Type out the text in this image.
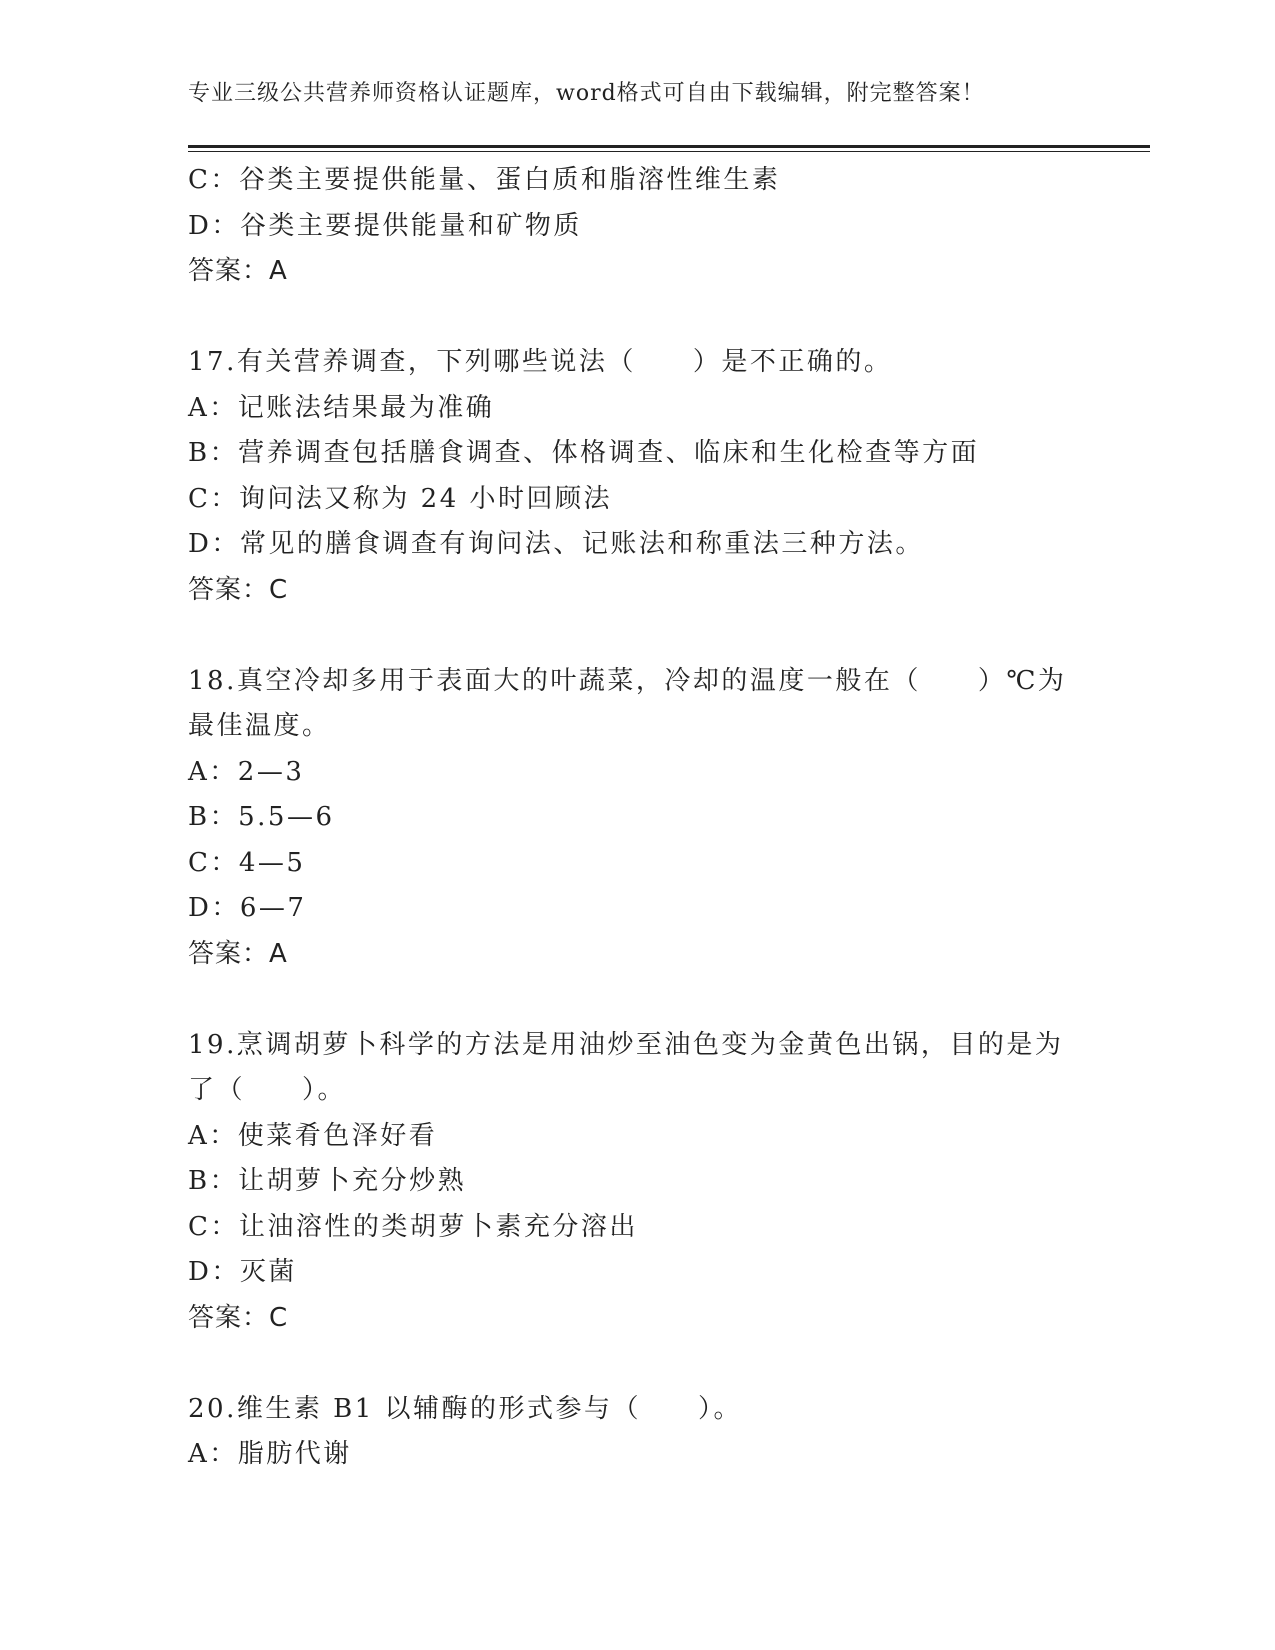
专业三级公共营养师资格认证题库，word格式可自由下载编辑，附完整答案！
C：谷类主要提供能量、蛋白质和脂溶性维生素
D：谷类主要提供能量和矿物质
答案：A
17.有关营养调查，下列哪些说法（　　）是不正确的。
A：记账法结果最为准确
B：营养调查包括膳食调查、体格调查、临床和生化检查等方面
C：询问法又称为 24 小时回顾法
D：常见的膳食调查有询问法、记账法和称重法三种方法。
答案：C
18.真空冷却多用于表面大的叶蔬菜，冷却的温度一般在（　　）℃为
最佳温度。
A：2—3
B：5.5—6
C：4—5
D：6—7
答案：A
19.烹调胡萝卜科学的方法是用油炒至油色变为金黄色出锅，目的是为
了（　　）。
A：使菜肴色泽好看
B：让胡萝卜充分炒熟
C：让油溶性的类胡萝卜素充分溶出
D：灭菌
答案：C
20.维生素 B1 以辅酶的形式参与（　　）。
A：脂肪代谢
